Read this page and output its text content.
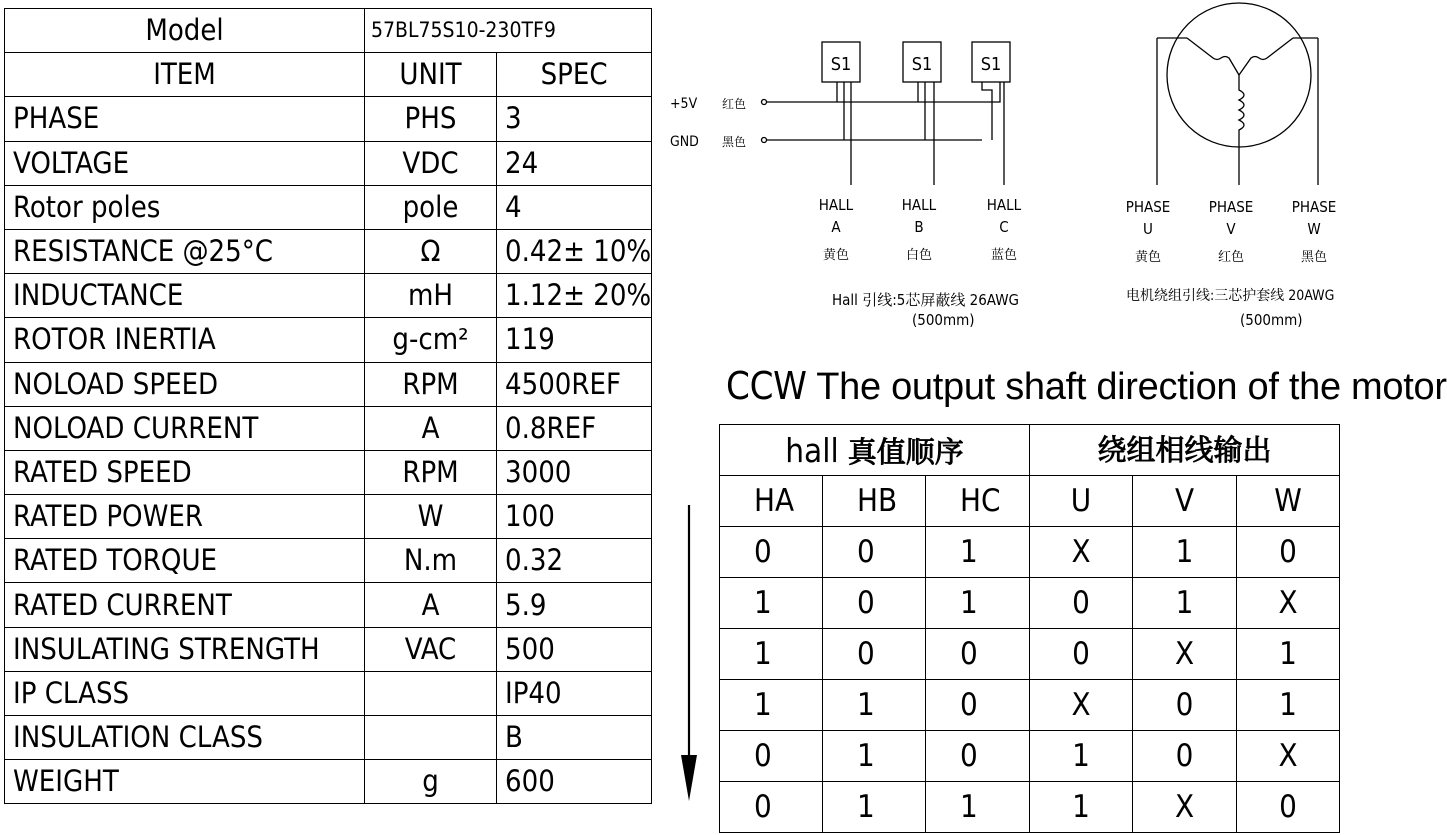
Model	57BL75S10-230TF9	
ITEM	UNIT	SPEC
PHASE	PHS	3
VOLTAGE	VDC	24
Rotor poles	pole	4
RESISTANCE @25°C	Ω	0.42± 10%
INDUCTANCE	mH	1.12± 20%
ROTOR INERTIA	g-cm²	119
NOLOAD SPEED	RPM	4500REF
NOLOAD CURRENT	A	0.8REF
RATED SPEED	RPM	3000
RATED POWER	W	100
RATED TORQUE	N.m	0.32
RATED CURRENT	A	5.9
INSULATING STRENGTH	VAC	500
IP CLASS		IP40
INSULATION CLASS		B
WEIGHT	g	600
S1	S1	S1
+5V 红色
GND 黑色
HALL
A
黄色
HALL
B
白色
HALL
C
蓝色
PHASE
U
黄色
PHASE
V
红色
PHASE
W
黑色
Hall 引线:5芯屏蔽线 26AWG
(500mm)
电机绕组引线:三芯护套线 20AWG
(500mm)
CCW The output shaft direction of the motor
hall 真值顺序			绕组相线输出		
HA	HB	HC	U	V	W
0	0	1	X	1	0
1	0	1	0	1	X
1	0	0	0	X	1
1	1	0	X	0	1
0	1	0	1	0	X
0	1	1	1	X	0
